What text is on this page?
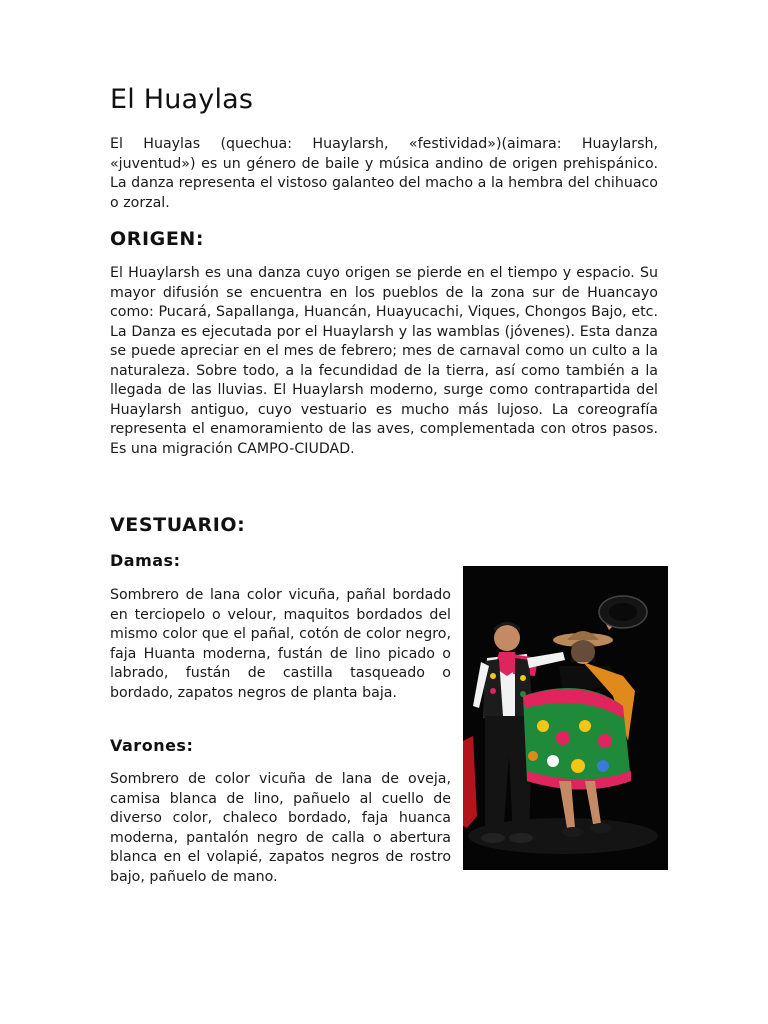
El Huaylas

El Huaylas (quechua: Huaylarsh, «festividad»)(aimara: Huaylarsh, «juventud») es un género de baile y música andino de origen prehispánico. La danza representa el vistoso galanteo del macho a la hembra del chihuaco o zorzal.

ORIGEN:

El Huaylarsh es una danza cuyo origen se pierde en el tiempo y espacio. Su mayor difusión se encuentra en los pueblos de la zona sur de Huancayo como: Pucará, Sapallanga, Huancán, Huayucachi, Viques, Chongos Bajo, etc. La Danza es ejecutada por el Huaylarsh y las wamblas (jóvenes). Esta danza se puede apreciar en el mes de febrero; mes de carnaval como un culto a la naturaleza. Sobre todo, a la fecundidad de la tierra, así como también a la llegada de las lluvias. El Huaylarsh moderno, surge como contrapartida del Huaylarsh antiguo, cuyo vestuario es mucho más lujoso. La coreografía representa el enamoramiento de las aves, complementada con otros pasos. Es una migración CAMPO-CIUDAD.

VESTUARIO:
Damas:

Sombrero de lana color vicuña, pañal bordado en terciopelo o velour, maquitos bordados del mismo color que el pañal, cotón de color negro, faja Huanta moderna, fustán de lino picado o labrado, fustán de castilla tasqueado o bordado, zapatos negros de planta baja.

Varones:

Sombrero de color vicuña de lana de oveja, camisa blanca de lino, pañuelo al cuello de diverso color, chaleco bordado, faja huanca moderna, pantalón negro de calla o abertura blanca en el volapié, zapatos negros de rostro bajo, pañuelo de mano.
